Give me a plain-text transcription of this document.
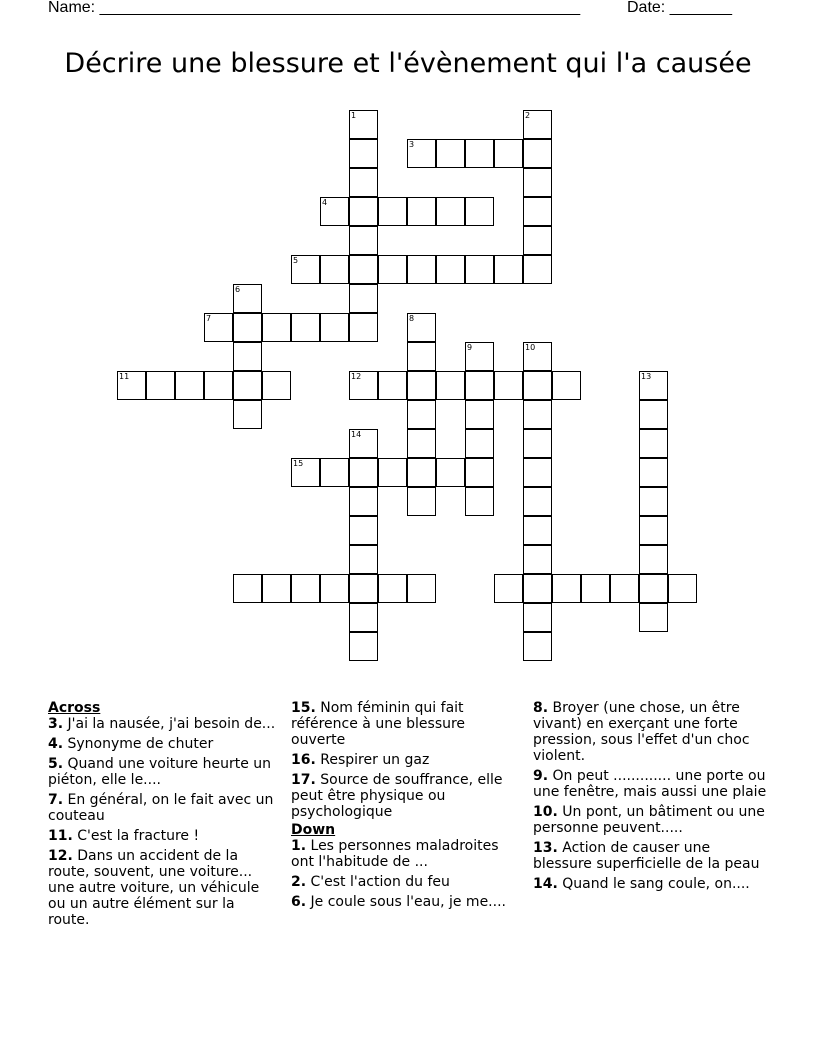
Name: ______________________________________________________	Date: _______
Décrire une blessure et l'évènement qui l'a causée
1	2
3
4
5
6
7
11
8
9	10
12	13
14
15
Across
3. J'ai la nausée, j'ai besoin de...
4. Synonyme de chuter
5. Quand une voiture heurte un piéton, elle le....
7. En général, on le fait avec un couteau
11. C'est la fracture !
12. Dans un accident de la route, souvent, une voiture... une autre voiture, un véhicule ou un autre élément sur la route.
15. Nom féminin qui fait référence à une blessure ouverte
16. Respirer un gaz
17. Source de souffrance, elle peut être physique ou psychologique
Down
1. Les personnes maladroites ont l'habitude de ...
2. C'est l'action du feu
6. Je coule sous l'eau, je me....
8. Broyer (une chose, un être vivant) en exerçant une forte pression, sous l'effet d'un choc violent.
9. On peut ............. une porte ou une fenêtre, mais aussi une plaie
10. Un pont, un bâtiment ou une personne peuvent.....
13. Action de causer une blessure superficielle de la peau
14. Quand le sang coule, on....
